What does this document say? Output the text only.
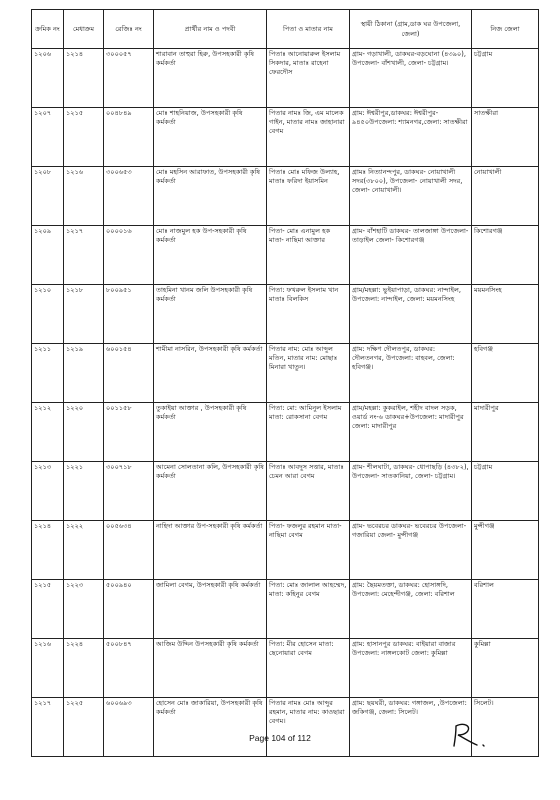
ক্রমিক নং	মেধাক্রম	রেজিঃ নং	প্রার্থীর নাম ও পদবী	পিতা ও মাতার নাম	স্থায়ী ঠিকানা (গ্রাম,ডাক ঘর উপজেলা, জেলা)	নিজ জেলা
১২০৬	১২১৪	৩০০০৫৭	শারাবান তাহুরা হিরু, উপসহকারী কৃষি কর্মকর্তা	পিতাঃ আনোয়ারুল ইসলাম সিকদার, মাতাঃ রাহেনা ফেরদৌস	গ্রাম- গড়াখালী, ডাকঘর-বড়ঘোনা (৪৩৯০), উপজেলা- বাঁশখালী, জেলা- চট্টগ্রাম।	চট্টগ্রাম
১২০৭	১২১৫	০০৪৮৪৯	মোঃ শাহনিয়াজ, উপসহকারী কৃষি কর্মকর্তা	পিতার নামঃ জি, এম মালেক গাইন, মাতার নামঃ জাহানারা বেগম	গ্রাম: ঈশ্বরীপুর,ডাকঘর: ঈশ্বরীপুর- ৯৪৫০উপজেলা: শ্যামনগর,জেলা: সাতক্ষীরা	সাতক্ষীরা
১২০৮	১২১৬	৩০০৬৫৩	মোঃ মহসিন আরাফাত, উপসহকারী কৃষি কর্মকর্তা	পিতাঃ মোঃ মফিজ উল্যাহ, মাতাঃ ফরিদা ইয়াসমিন	গ্রামঃ নিত্যানন্দপুর, ডাকঘর- নোয়াখালী সদর(৩৮০০), উপজেলা- নোয়াখালী সদর, জেলা- নোয়াখালী।	নোয়াখালী
১২০৯	১২১৭	০০০০১৬	মোঃ নাজমুল হক উপ-সহকারী কৃষি কর্মকর্তা	পিতা- মোঃ এনামুল হক মাতা- নাছিমা আক্তার	গ্রাম- বাঁশহাটি ডাকঘর- তালজাঙ্গা উপজেলা- তাড়াইল জেলা- কিশোরগঞ্জ	কিশোরগঞ্জ
১২১০	১২১৮	৮০০৯৫১	তাহমিনা খানম জলি উপসহকারী কৃষি কর্মকর্তা	পিতা: ফখরুল ইসলাম খান মাতাঃ বিলকিস	গ্রাম/মহল্লা: ভুইয়াপাড়া, ডাকঘর: নান্দাইল, উপজেলা: নান্দাইল, জেলা: ময়মনসিংহ	ময়মনসিংহ
১২১১	১২১৯	৬০০১৫৪	শামীমা নাসরিন, উপসহকারী কৃষি কর্মকর্তা	পিতার নাম: মোঃ আব্দুল মতিন, মাতার নাম: মোছাঃ মিনারা খাতুন।	গ্রাম: দক্ষিণ দৌলতপুর, ডাকঘর: দৌলতনগর, উপজেলা: বাহবল, জেলা: হবিগঞ্জ।	হবিগঞ্জ
১২১২	১২২০	০০১১৫৮	তুকাইয়া আক্তার , উপসহকারী কৃষি কর্মকর্তা	পিতা: মো: আমিনুল ইসলাম মাতা: রোকসানা বেগম	গ্রাম/মহল্লা: কুকরাইল, শহীদ বাদল সড়ক, ওয়ার্ড নং-৬ ডাকঘর+উপজেলা: মাদারীপুর জেলা: মাদারীপুর	মাদারীপুর
১২১৩	১২২১	৩০০৭১৮	আমেনা সোলতানা কলি, উপসহকারী কৃষি কর্মকর্তা	পিতাঃ আবদুস সত্তার, মাতাঃ চেমন আরা বেগম	গ্রাম- শীলঘাটা, ডাকঘর- ধোপাছড়ি (৪৩৮২), উপজেলা- সাতকানিয়া, জেলা- চট্টগ্রাম।	চট্টগ্রাম
১২১৪	১২২২	০০৫৬৩৪	নাহিদা আক্তার উপ-সহকারী কৃষি কর্মকর্তা	পিতা- ফজলুর রহমান মাতা- নাছিমা বেগম	গ্রাম- ভবেরচর ডাকঘর- ভবেরচর উপজেলা- গজারিয়া জেলা- মুন্সীগঞ্জ	মুন্সীগঞ্জ
১২১৫	১২২৩	৫০০৯৪০	জামিলা বেগম, উপসহকারী কৃষি কর্মকর্তা	পিতা: মোঃ জালাল আহম্মেদ, মাতা: কহিনুর বেগম	গ্রাম: ছৈয়মতক্তা, ডাকঘর: হোসাঙ্গদি, উপজেলা: মেহেন্দীগঞ্জ, জেলা: বরিশাল	বরিশাল
১২১৬	১২২৪	৫০০৮৪৭	আজিম উদ্দিন উপসহকারী কৃষি কর্মকর্তা	পিতা: মীর হোসেন মাতা: ছেনোয়ারা বেগম	গ্রাম: হাসানপুর ডাকঘর: বাইয়ারা বাজার উপজেলা: নাঙ্গলকোট জেলা: কুমিল্লা	কুমিল্লা
১২১৭	১২২৫	৬০০৬৯৩	হোসেন মোঃ জাকারিয়া, উপসহকারী কৃষি কর্মকর্তা	পিতার নামঃ মোঃ আব্দুর রহমান, মাতার নাম: কাওছারা বেগম।	গ্রাম: ছয়ঘরী, ডাকঘর: গঙ্গাজল, ,উপজেলা: জকিগঞ্জ, জেলা: সিলেট।	সিলেট।
Page 104 of 112
